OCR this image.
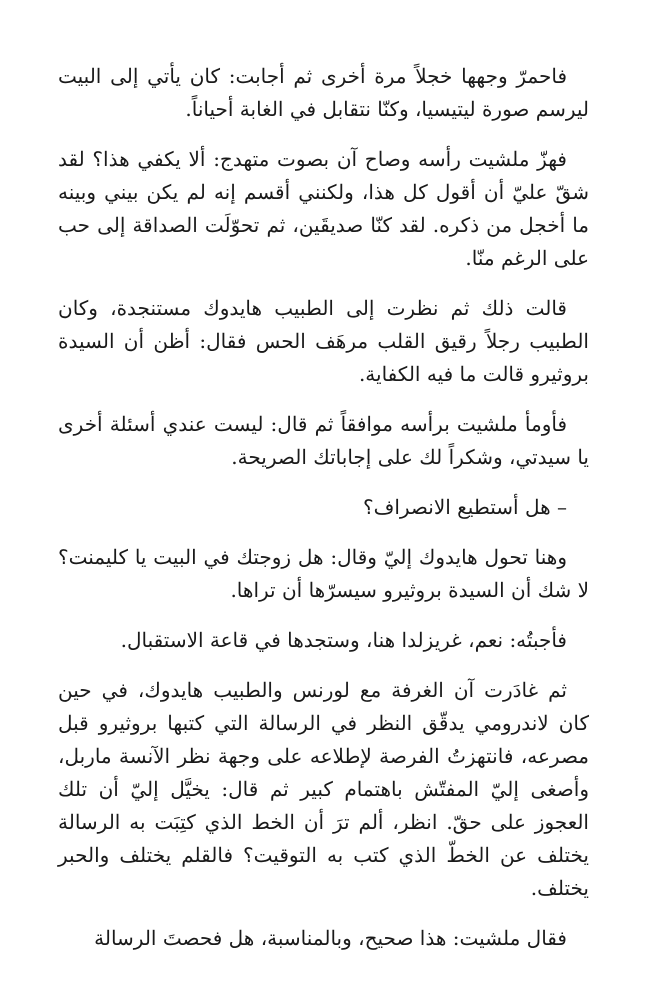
فاحمرّ وجهها خجلاً مرة أخرى ثم أجابت: كان يأتي إلى البيت ليرسم صورة ليتيسيا، وكنّا نتقابل في الغابة أحياناً.

فهزّ ملشيت رأسه وصاح آن بصوت متهدج: ألا يكفي هذا؟ لقد شقّ عليّ أن أقول كل هذا، ولكنني أقسم إنه لم يكن بيني وبينه ما أخجل من ذكره. لقد كنّا صديقَين، ثم تحوّلَت الصداقة إلى حب على الرغم منّا.

قالت ذلك ثم نظرت إلى الطبيب هايدوك مستنجدة، وكان الطبيب رجلاً رقيق القلب مرهَف الحس فقال: أظن أن السيدة بروثيرو قالت ما فيه الكفاية.

فأومأ ملشيت برأسه موافقاً ثم قال: ليست عندي أسئلة أخرى يا سيدتي، وشكراً لك على إجاباتك الصريحة.

– هل أستطيع الانصراف؟

وهنا تحول هايدوك إليّ وقال: هل زوجتك في البيت يا كليمنت؟ لا شك أن السيدة بروثيرو سيسرّها أن تراها.

فأجبتُه: نعم، غريزلدا هنا، وستجدها في قاعة الاستقبال.

ثم غادَرت آن الغرفة مع لورنس والطبيب هايدوك، في حين كان لاندرومي يدقّق النظر في الرسالة التي كتبها بروثيرو قبل مصرعه، فانتهزتُ الفرصة لإطلاعه على وجهة نظر الآنسة ماربل، وأصغى إليّ المفتّش باهتمام كبير ثم قال: يخيَّل إليّ أن تلك العجوز على حقّ. انظر، ألم ترَ أن الخط الذي كتِبَت به الرسالة يختلف عن الخطّ الذي كتب به التوقيت؟ فالقلم يختلف والحبر يختلف.

فقال ملشيت: هذا صحيح، وبالمناسبة، هل فحصتَ الرسالة
